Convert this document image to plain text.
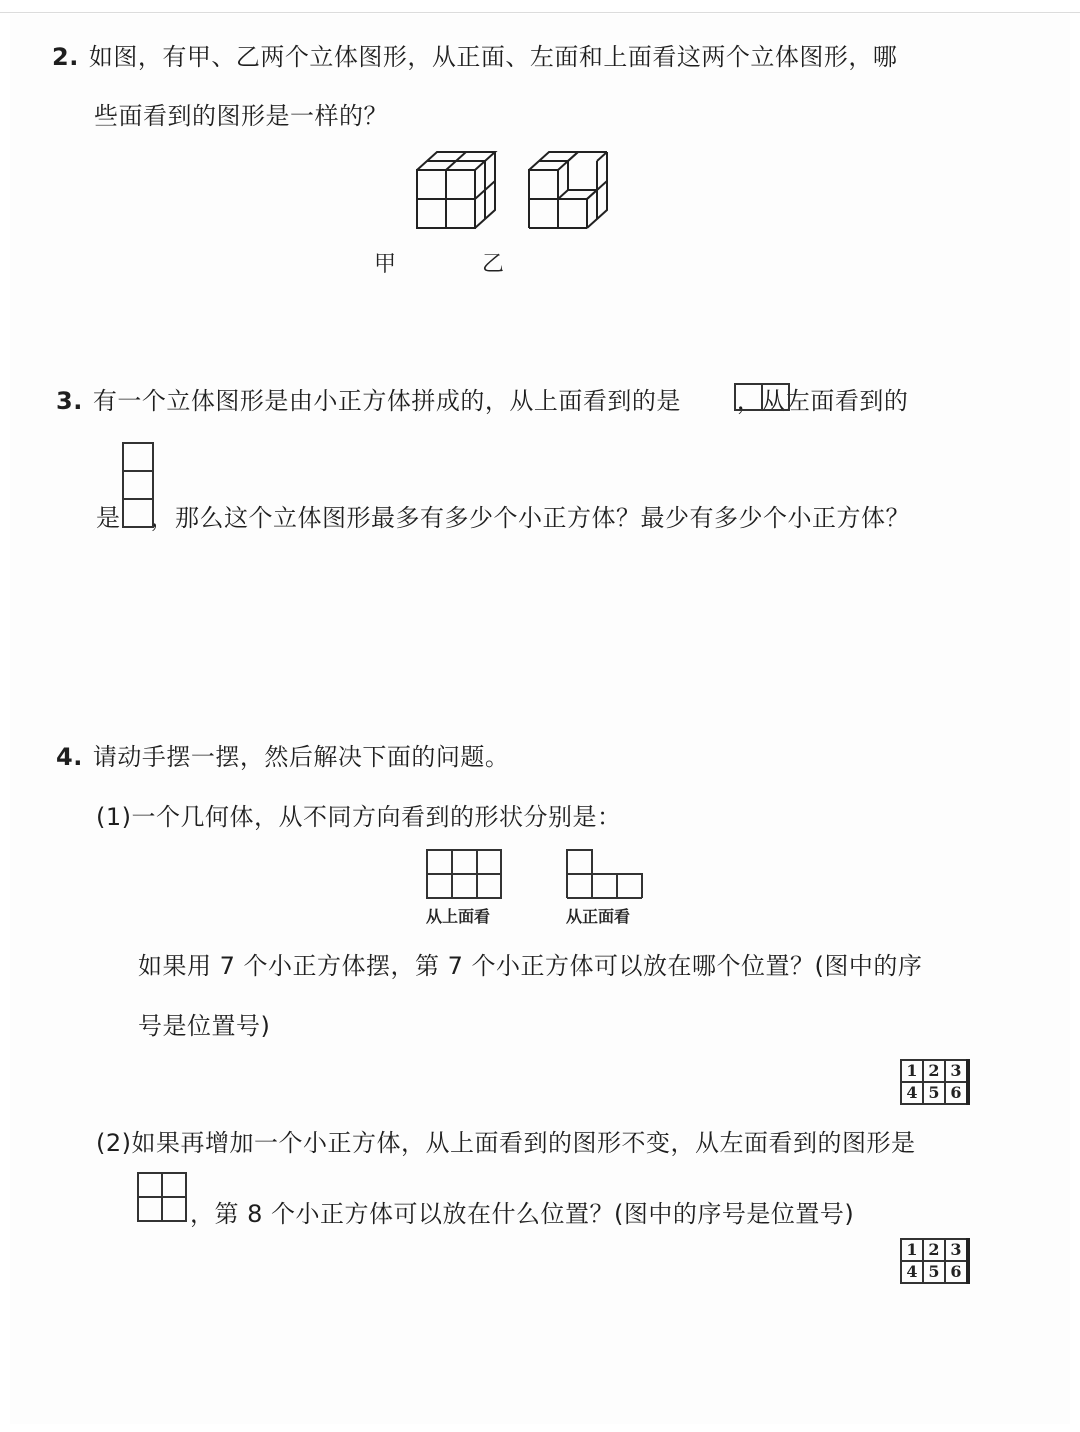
2. 如图，有甲、乙两个立体图形，从正面、左面和上面看这两个立体图形，哪
些面看到的图形是一样的？
甲	乙
3. 有一个立体图形是由小正方体拼成的，从上面看到的是 ，从左面看到的
是 ，那么这个立体图形最多有多少个小正方体？最少有多少个小正方体？
4. 请动手摆一摆，然后解决下面的问题。
(1)一个几何体，从不同方向看到的形状分别是：
从上面看	从正面看
如果用 7 个小正方体摆，第 7 个小正方体可以放在哪个位置？(图中的序
号是位置号)
1	2	3
4	5	6
(2)如果再增加一个小正方体，从上面看到的图形不变，从左面看到的图形是
，第 8 个小正方体可以放在什么位置？(图中的序号是位置号)
1	2	3
4	5	6
